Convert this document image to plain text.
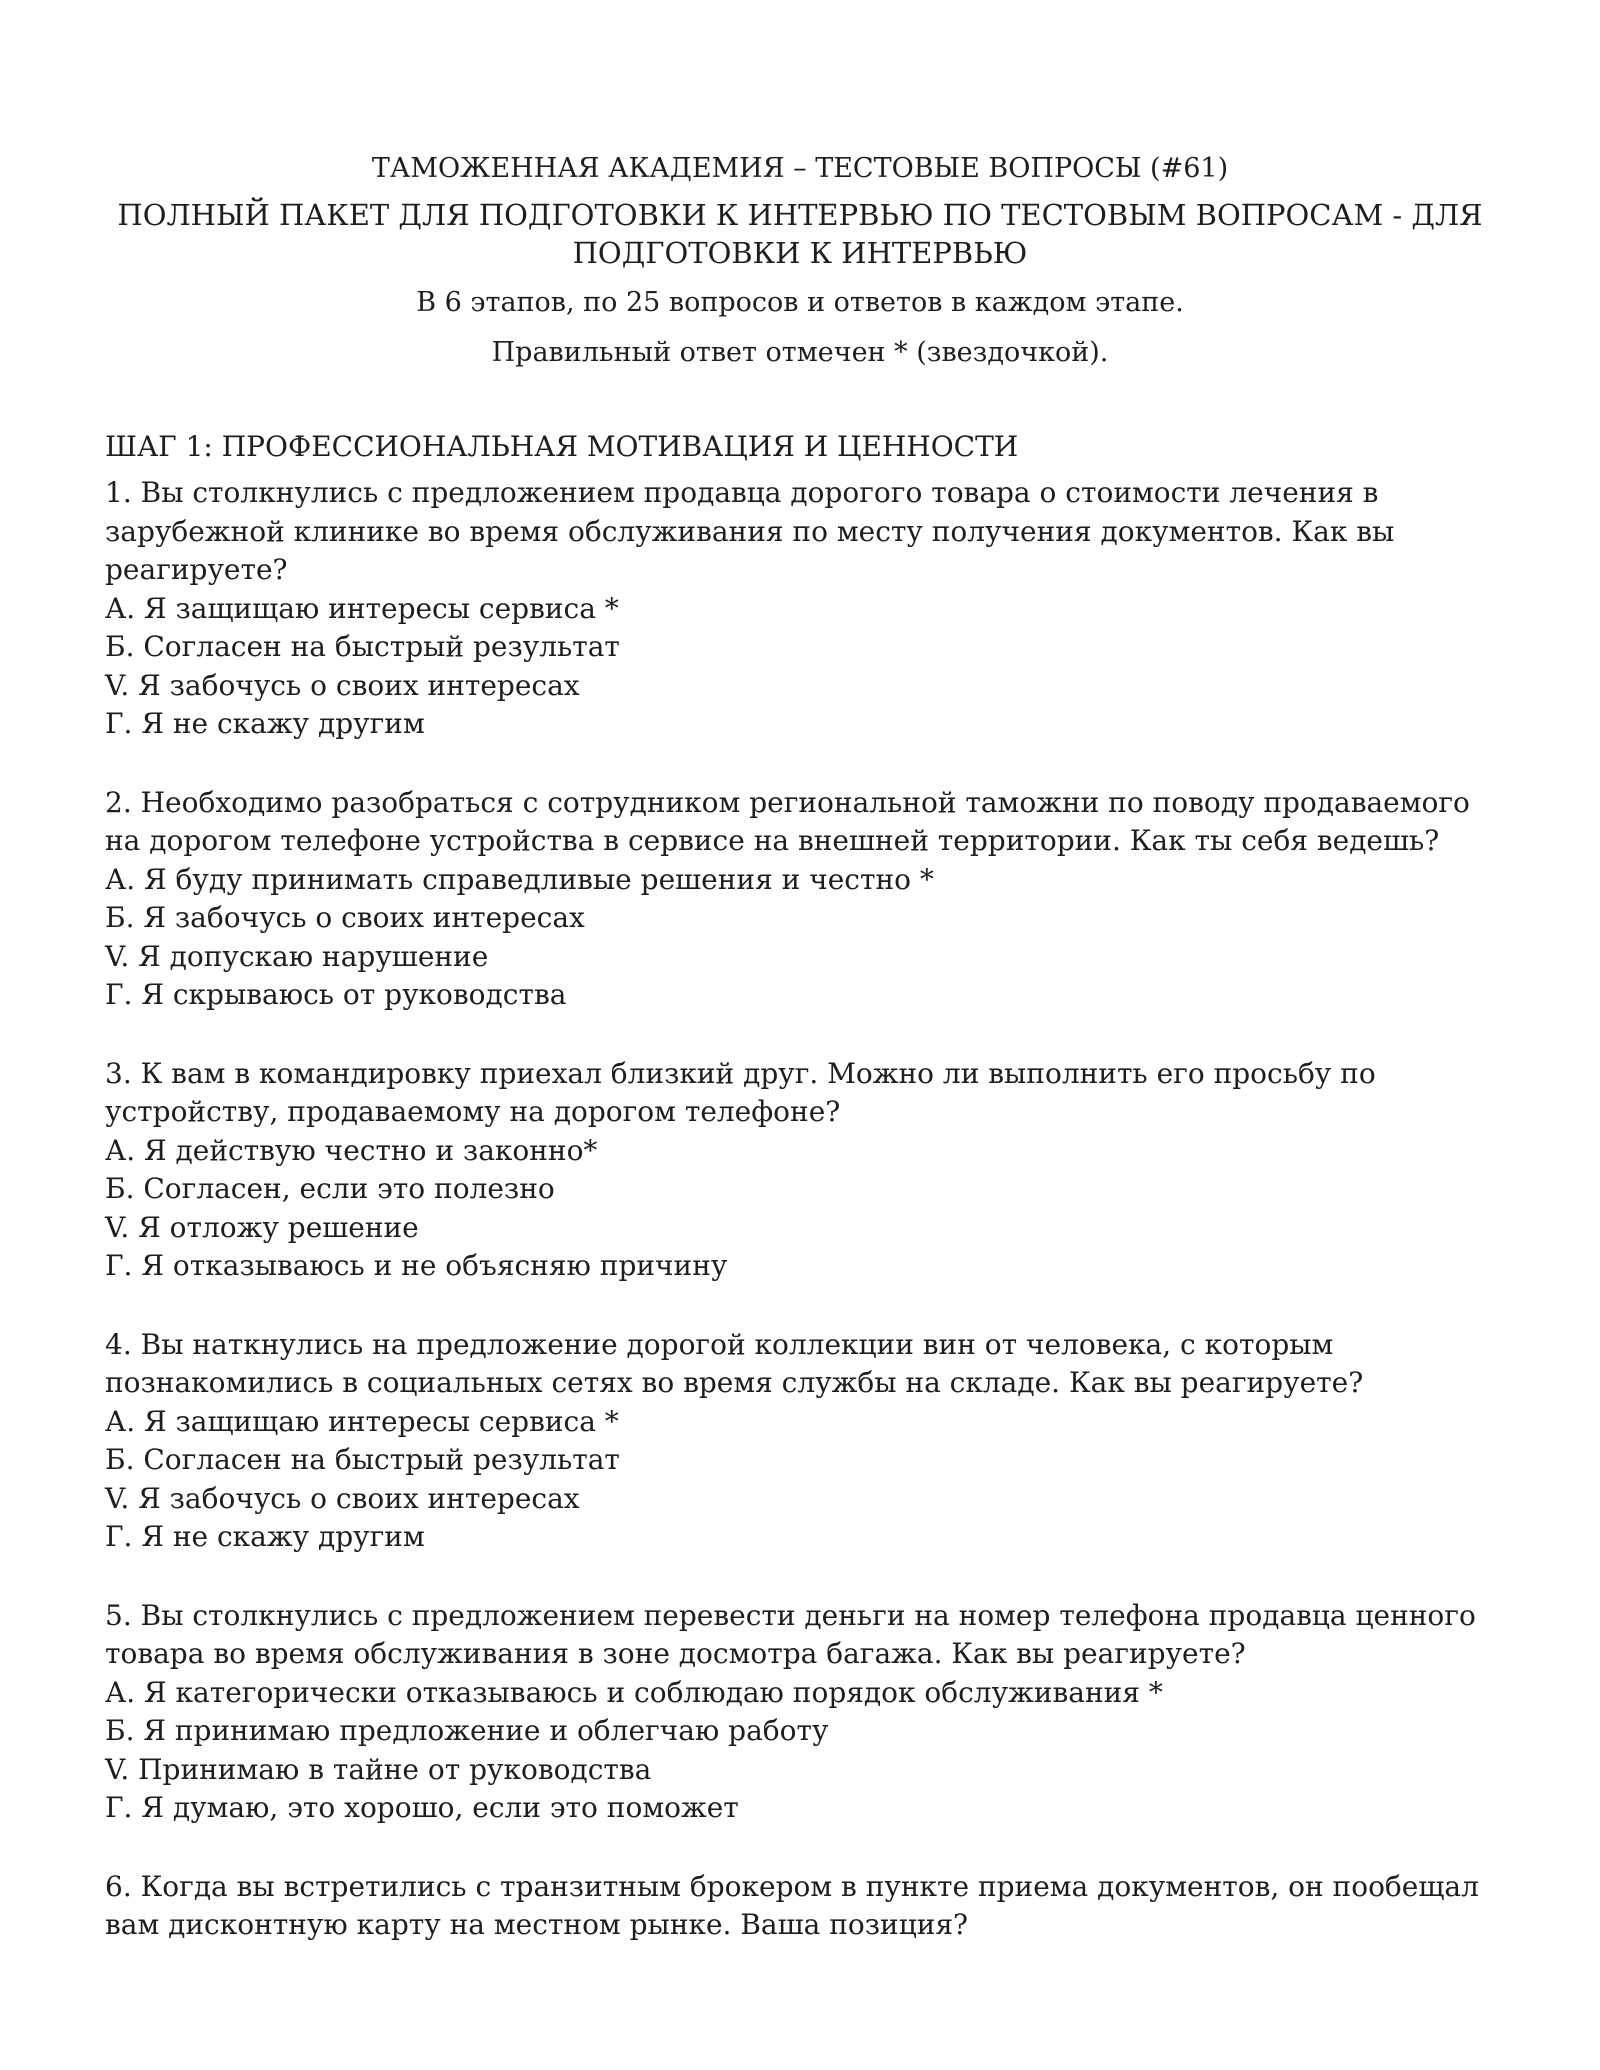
ТАМОЖЕННАЯ АКАДЕМИЯ – ТЕСТОВЫЕ ВОПРОСЫ (#61)

ПОЛНЫЙ ПАКЕТ ДЛЯ ПОДГОТОВКИ К ИНТЕРВЬЮ ПО ТЕСТОВЫМ ВОПРОСАМ - ДЛЯ ПОДГОТОВКИ К ИНТЕРВЬЮ

В 6 этапов, по 25 вопросов и ответов в каждом этапе.

Правильный ответ отмечен * (звездочкой).

ШАГ 1: ПРОФЕССИОНАЛЬНАЯ МОТИВАЦИЯ И ЦЕННОСТИ

1. Вы столкнулись с предложением продавца дорогого товара о стоимости лечения в зарубежной клинике во время обслуживания по месту получения документов. Как вы реагируете?

А. Я защищаю интересы сервиса *
Б. Согласен на быстрый результат
V. Я забочусь о своих интересах
Г. Я не скажу другим

2. Необходимо разобраться с сотрудником региональной таможни по поводу продаваемого на дорогом телефоне устройства в сервисе на внешней территории. Как ты себя ведешь?

А. Я буду принимать справедливые решения и честно *
Б. Я забочусь о своих интересах
V. Я допускаю нарушение
Г. Я скрываюсь от руководства

3. К вам в командировку приехал близкий друг. Можно ли выполнить его просьбу по устройству, продаваемому на дорогом телефоне?

А. Я действую честно и законно*
Б. Согласен, если это полезно
V. Я отложу решение
Г. Я отказываюсь и не объясняю причину

4. Вы наткнулись на предложение дорогой коллекции вин от человека, с которым познакомились в социальных сетях во время службы на складе. Как вы реагируете?

А. Я защищаю интересы сервиса *
Б. Согласен на быстрый результат
V. Я забочусь о своих интересах
Г. Я не скажу другим

5. Вы столкнулись с предложением перевести деньги на номер телефона продавца ценного товара во время обслуживания в зоне досмотра багажа. Как вы реагируете?

А. Я категорически отказываюсь и соблюдаю порядок обслуживания *
Б. Я принимаю предложение и облегчаю работу
V. Принимаю в тайне от руководства
Г. Я думаю, это хорошо, если это поможет

6. Когда вы встретились с транзитным брокером в пункте приема документов, он пообещал вам дисконтную карту на местном рынке. Ваша позиция?
